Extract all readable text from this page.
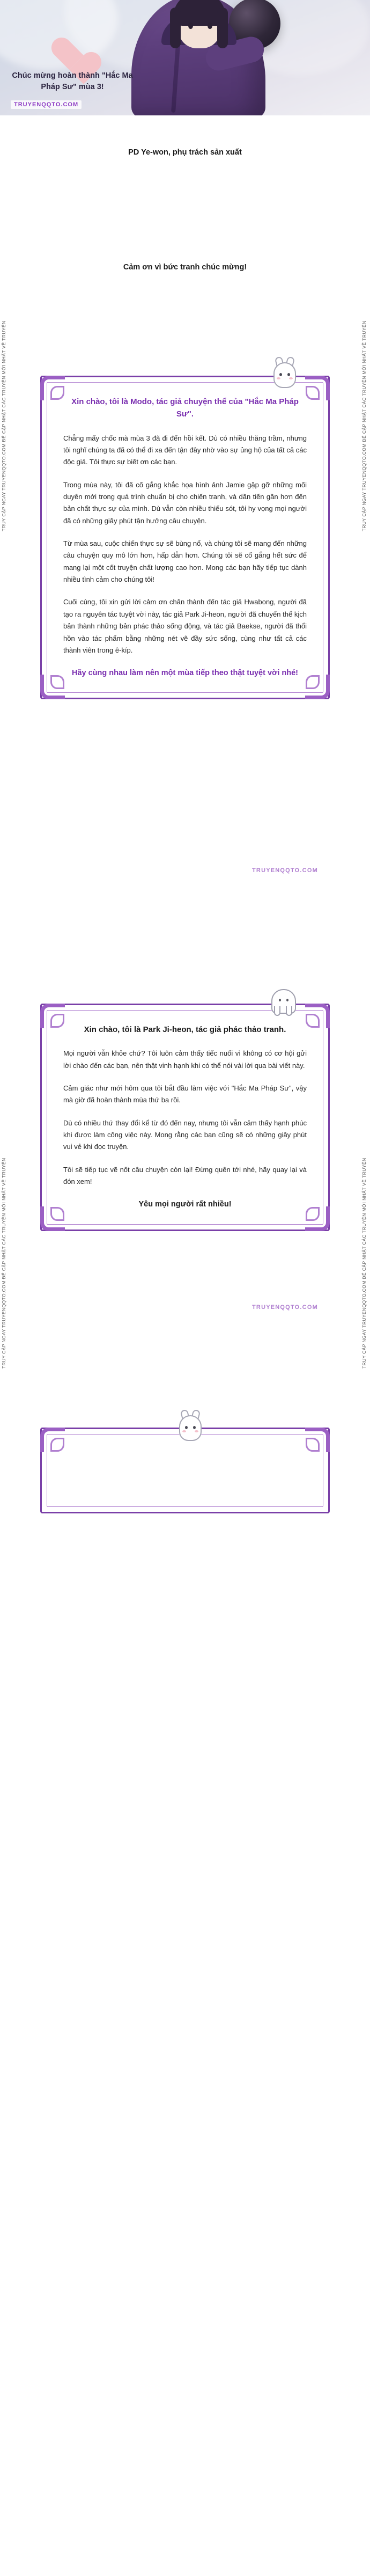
Chúc mừng hoàn thành "Hắc Ma Pháp Sư" mùa 3!
TRUYENQQTO.COM
TRUY CẬP NGAY TRUYENQQTO.COM ĐỂ CẬP NHẬT CÁC TRUYỆN MỚI NHẤT VỀ TRUYỆN	TRUY CẬP NGAY TRUYENQQTO.COM ĐỂ CẬP NHẬT CÁC TRUYỆN MỚI NHẤT VỀ TRUYỆN
TRUY CẬP NGAY TRUYENQQTO.COM ĐỂ CẬP NHẬT CÁC TRUYỆN MỚI NHẤT VỀ TRUYỆN	TRUY CẬP NGAY TRUYENQQTO.COM ĐỂ CẬP NHẬT CÁC TRUYỆN MỚI NHẤT VỀ TRUYỆN
PD Ye-won, phụ trách sản xuất
Cảm ơn vì bức tranh chúc mừng!
Xin chào, tôi là Modo, tác giả chuyện thể của "Hắc Ma Pháp Sư".
Chẳng mấy chốc mà mùa 3 đã đi đến hồi kết. Dù có nhiều thăng trầm, nhưng tôi nghĩ chúng ta đã có thể đi xa đến tận đây nhờ vào sự ủng hộ của tất cả các độc giả. Tôi thực sự biết ơn các bạn.
Trong mùa này, tôi đã cố gắng khắc họa hình ảnh Jamie gặp gỡ những mối duyên mới trong quá trình chuẩn bị cho chiến tranh, và dần tiến gần hơn đến bản chất thực sự của mình. Dù vẫn còn nhiều thiếu sót, tôi hy vọng mọi người đã có những giây phút tận hưởng câu chuyện.
Từ mùa sau, cuộc chiến thực sự sẽ bùng nổ, và chúng tôi sẽ mang đến những câu chuyện quy mô lớn hơn, hấp dẫn hơn. Chúng tôi sẽ cố gắng hết sức để mang lại một cốt truyện chất lượng cao hơn. Mong các bạn hãy tiếp tục dành nhiều tình cảm cho chúng tôi!
Cuối cùng, tôi xin gửi lời cảm ơn chân thành đến tác giả Hwabong, người đã tạo ra nguyên tác tuyệt vời này, tác giả Park Ji-heon, người đã chuyển thể kịch bản thành những bản phác thảo sống động, và tác giả Baekse, người đã thổi hồn vào tác phẩm bằng những nét vẽ đầy sức sống, cùng như tất cả các thành viên trong ê-kíp.
Hãy cùng nhau làm nên một mùa tiếp theo thật tuyệt vời nhé!
TRUYENQQTO.COM
Xin chào, tôi là Park Ji-heon, tác giả phác thảo tranh.
Mọi người vẫn khỏe chứ? Tôi luôn cảm thấy tiếc nuối vì không có cơ hội gửi lời chào đến các bạn, nên thật vinh hạnh khi có thể nói vài lời qua bài viết này.
Cảm giác như mới hôm qua tôi bắt đầu làm việc với "Hắc Ma Pháp Sư", vậy mà giờ đã hoàn thành mùa thứ ba rồi.
Dù có nhiều thứ thay đổi kể từ đó đến nay, nhưng tôi vẫn cảm thấy hạnh phúc khi được làm công việc này. Mong rằng các bạn cũng sẽ có những giây phút vui vẻ khi đọc truyện.
Tôi sẽ tiếp tục vẽ nốt câu chuyện còn lại! Đừng quên tới nhé, hãy quay lại và đón xem!
Yêu mọi người rất nhiều!
TRUYENQQTO.COM
